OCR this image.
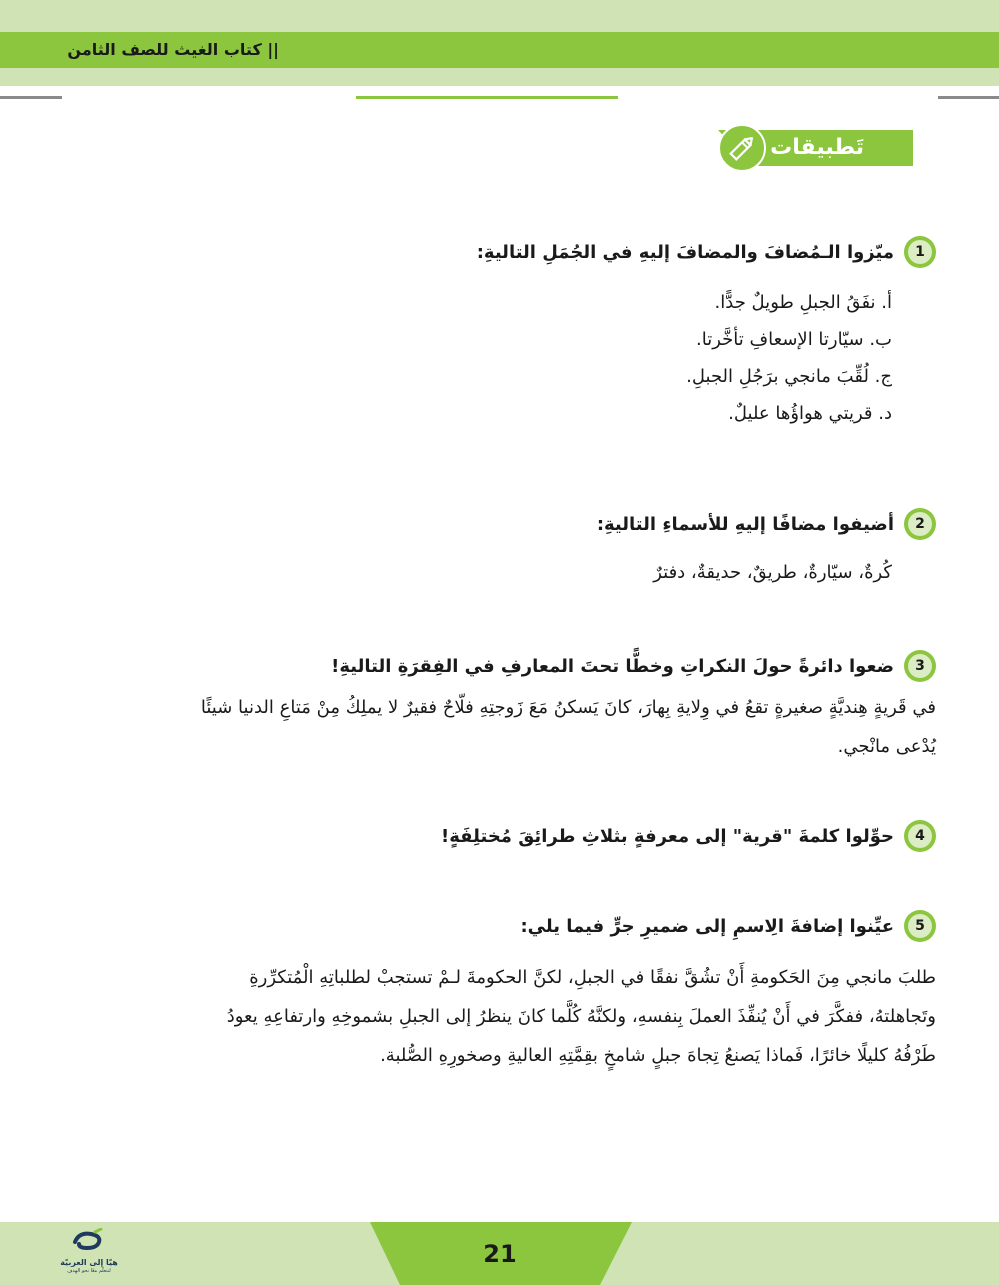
|| كتاب الغيث للصف الثامن
تَطبيقات
1
ميّزوا الـمُضافَ والمضافَ إليهِ في الجُمَلِ التاليةِ:
أ. نفَقُ الجبلِ طويلٌ جدًّا.
ب. سيّارتا الإسعافِ تأخَّرتا.
ج. لُقِّبَ مانجي برَجُلِ الجبلِ.
د. قريتي هواؤُها عليلٌ.
2
أضيفوا مضافًا إليهِ للأسماءِ التاليةِ:
كُرةٌ، سيّارةٌ، طريقٌ، حديقةٌ، دفترٌ
3
ضعوا دائرةً حولَ النكراتِ وخطًّا تحتَ المعارفِ في الفِقرَةِ التاليةِ!
في قَريةٍ هِنديَّةٍ صغيرةٍ تقعُ في وِلايةِ بِهارَ، كانَ يَسكنُ مَعَ زَوجتِهِ فلّاحٌ فقيرٌ لا يملِكُ مِنْ مَتاعِ الدنيا شيئًا
يُدْعى مانْجي.
4
حوِّلوا كلمةَ "قرية" إلى معرفةٍ بثلاثِ طرائِقَ مُختلِفَةٍ!
5
عيِّنوا إضافةَ الِاسمِ إلى ضميرِ جرٍّ فيما يلي:
طلبَ مانجي مِنَ الحَكومةِ أَنْ تشُقَّ نفقًا في الجبلِ، لكنَّ الحكومةَ لـمْ تستجبْ لطلباتِهِ الْمُتكرِّرةِ
وتَجاهلتهُ، ففكَّرَ في أَنْ يُنفِّذَ العملَ بِنفسهِ، ولكنَّهُ كُلَّما كانَ ينظرُ إلى الجبلِ بشموخِهِ وارتفاعِهِ يعودُ
طَرْفُهُ كليلًا خائرًا، فَماذا يَصنعُ تِجاهَ جبلٍ شامخٍ بقِمَّتِهِ العاليةِ وصخورِهِ الصُّلبة.
21
هيّا إلى العربيّة
لنتعلّم معًا نحو الهدف
